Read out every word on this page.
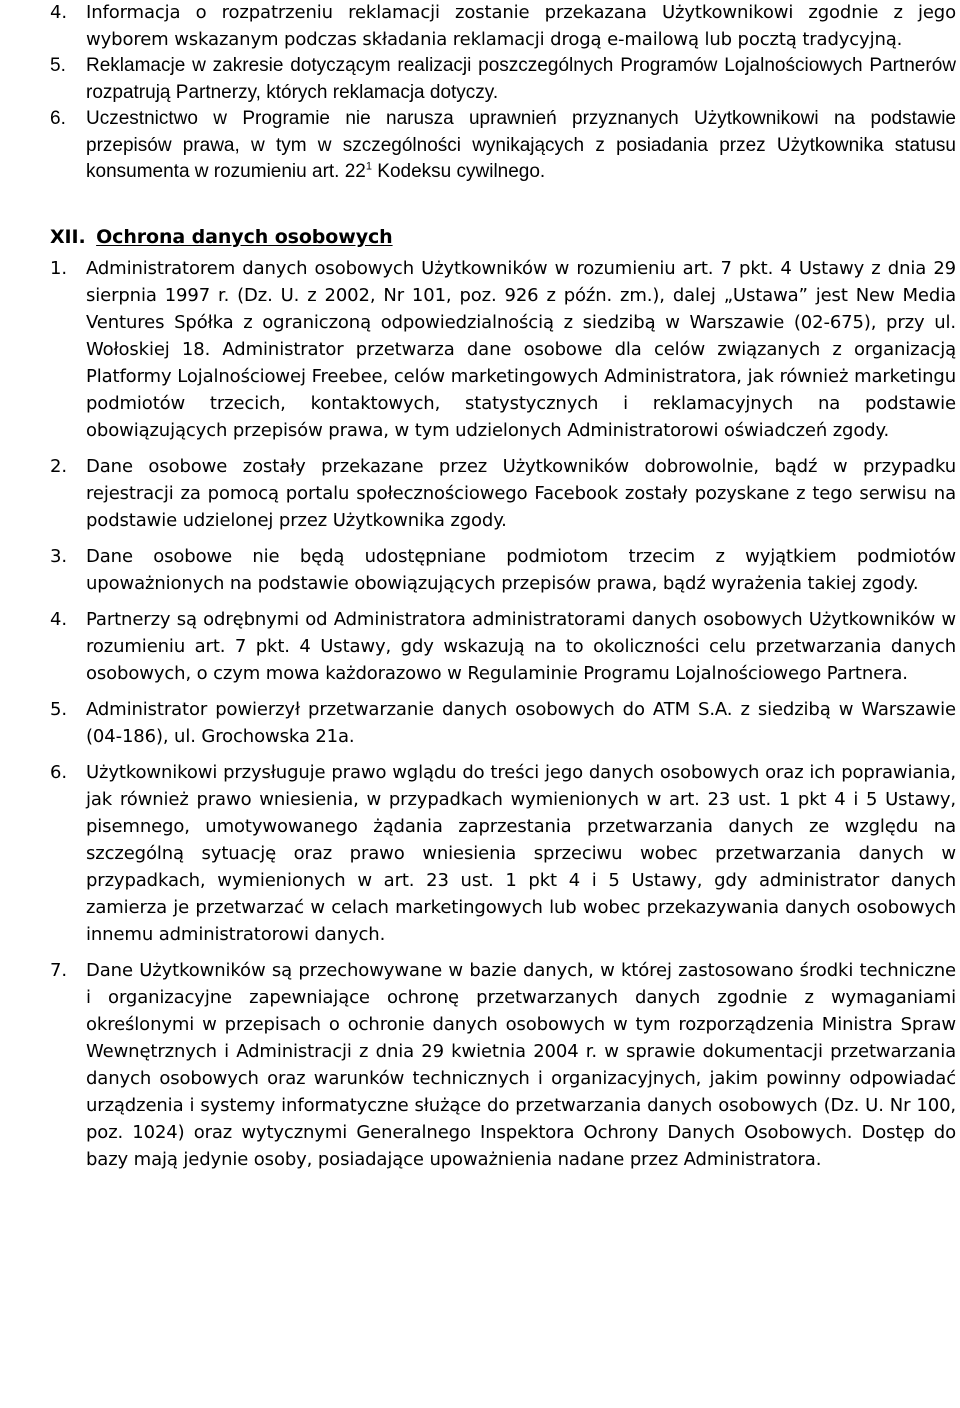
4. Informacja o rozpatrzeniu reklamacji zostanie przekazana Użytkownikowi zgodnie z jego wyborem wskazanym podczas składania reklamacji drogą e-mailową lub pocztą tradycyjną.
5. Reklamacje w zakresie dotyczącym realizacji poszczególnych Programów Lojalnościowych Partnerów rozpatrują Partnerzy, których reklamacja dotyczy.
6. Uczestnictwo w Programie nie narusza uprawnień przyznanych Użytkownikowi na podstawie przepisów prawa, w tym w szczególności wynikających z posiadania przez Użytkownika statusu konsumenta w rozumieniu art. $22^1$ Kodeksu cywilnego.
XII. Ochrona danych osobowych
1. Administratorem danych osobowych Użytkowników w rozumieniu art. 7 pkt. 4 Ustawy z dnia 29 sierpnia 1997 r. (Dz. U. z 2002, Nr 101, poz. 926 z późn. zm.), dalej „Ustawa” jest New Media Ventures Spółka z ograniczoną odpowiedzialnością z siedzibą w Warszawie (02-675), przy ul. Wołoskiej 18. Administrator przetwarza dane osobowe dla celów związanych z organizacją Platformy Lojalnościowej Freebee, celów marketingowych Administratora, jak również marketingu podmiotów trzecich, kontaktowych, statystycznych i reklamacyjnych na podstawie obowiązujących przepisów prawa, w tym udzielonych Administratorowi oświadczeń zgody.
2. Dane osobowe zostały przekazane przez Użytkowników dobrowolnie, bądź w przypadku rejestracji za pomocą portalu społecznościowego Facebook zostały pozyskane z tego serwisu na podstawie udzielonej przez Użytkownika zgody.
3. Dane osobowe nie będą udostępniane podmiotom trzecim z wyjątkiem podmiotów upoważnionych na podstawie obowiązujących przepisów prawa, bądź wyrażenia takiej zgody.
4. Partnerzy są odrębnymi od Administratora administratorami danych osobowych Użytkowników w rozumieniu art. 7 pkt. 4 Ustawy, gdy wskazują na to okoliczności celu przetwarzania danych osobowych, o czym mowa każdorazowo w Regulaminie Programu Lojalnościowego Partnera.
5. Administrator powierzył przetwarzanie danych osobowych do ATM S.A. z siedzibą w Warszawie (04-186), ul. Grochowska 21a.
6. Użytkownikowi przysługuje prawo wglądu do treści jego danych osobowych oraz ich poprawiania, jak również prawo wniesienia, w przypadkach wymienionych w art. 23 ust. 1 pkt 4 i 5 Ustawy, pisemnego, umotywowanego żądania zaprzestania przetwarzania danych ze względu na szczególną sytuację oraz prawo wniesienia sprzeciwu wobec przetwarzania danych w przypadkach, wymienionych w art. 23 ust. 1 pkt 4 i 5 Ustawy, gdy administrator danych zamierza je przetwarzać w celach marketingowych lub wobec przekazywania danych osobowych innemu administratorowi danych.
7. Dane Użytkowników są przechowywane w bazie danych, w której zastosowano środki techniczne i organizacyjne zapewniające ochronę przetwarzanych danych zgodnie z wymaganiami określonymi w przepisach o ochronie danych osobowych w tym rozporządzenia Ministra Spraw Wewnętrznych i Administracji z dnia 29 kwietnia 2004 r. w sprawie dokumentacji przetwarzania danych osobowych oraz warunków technicznych i organizacyjnych, jakim powinny odpowiadać urządzenia i systemy informatyczne służące do przetwarzania danych osobowych (Dz. U. Nr 100, poz. 1024) oraz wytycznymi Generalnego Inspektora Ochrony Danych Osobowych. Dostęp do bazy mają jedynie osoby, posiadające upoważnienia nadane przez Administratora.
